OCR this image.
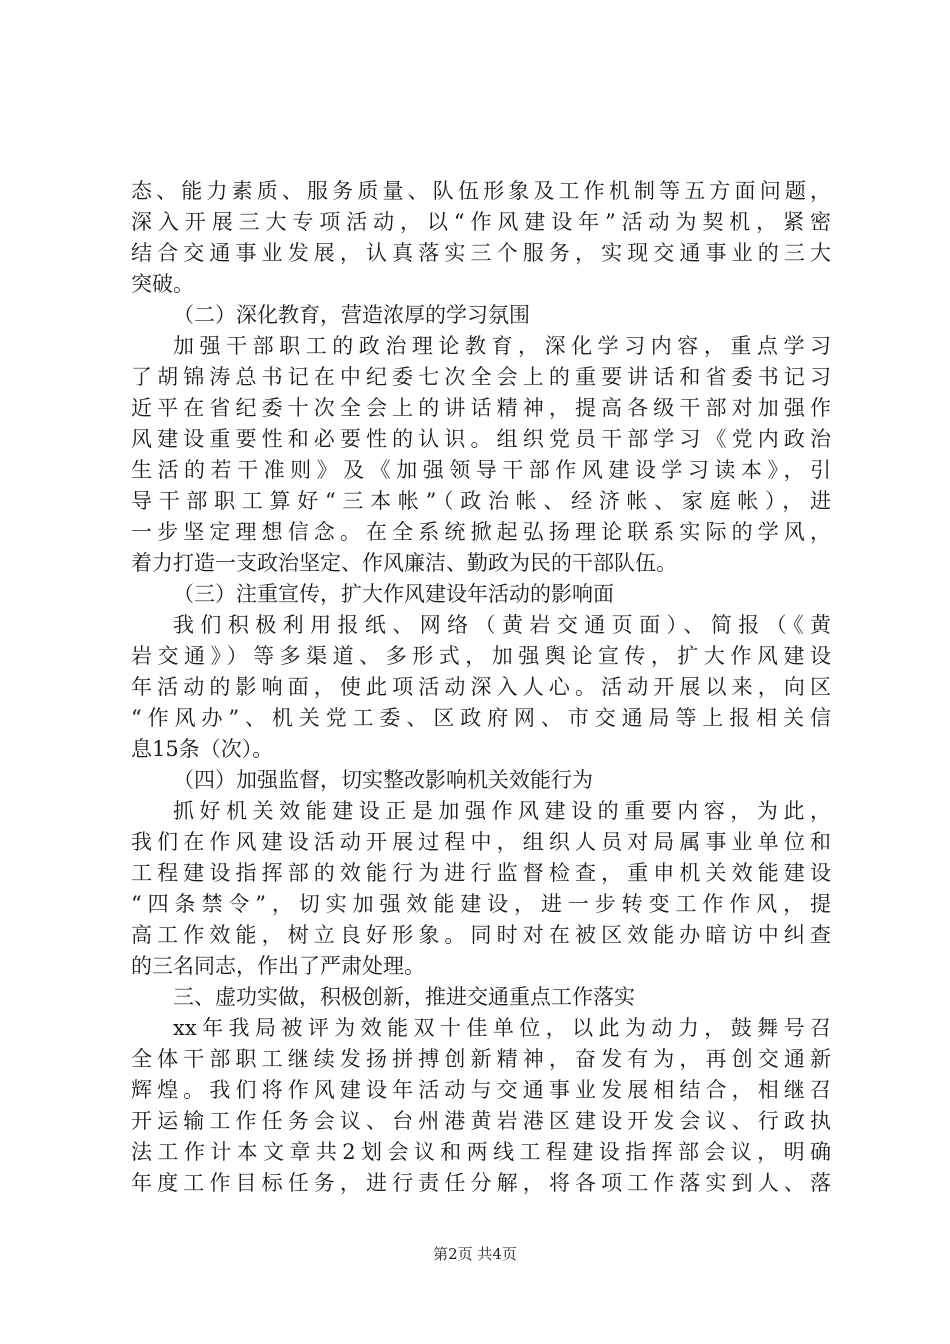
态、能力素质、服务质量、队伍形象及工作机制等五方面问题，
深入开展三大专项活动，以“作风建设年”活动为契机，紧密
结合交通事业发展，认真落实三个服务，实现交通事业的三大
突破。
（二）深化教育，营造浓厚的学习氛围
加强干部职工的政治理论教育，深化学习内容，重点学习
了胡锦涛总书记在中纪委七次全会上的重要讲话和省委书记习
近平在省纪委十次全会上的讲话精神，提高各级干部对加强作
风建设重要性和必要性的认识。组织党员干部学习《党内政治
生活的若干准则》及《加强领导干部作风建设学习读本》，引
导干部职工算好“三本帐”（政治帐、经济帐、家庭帐），进
一步坚定理想信念。在全系统掀起弘扬理论联系实际的学风，
着力打造一支政治坚定、作风廉洁、勤政为民的干部队伍。
（三）注重宣传，扩大作风建设年活动的影响面
我们积极利用报纸、网络（黄岩交通页面）、简报（《黄
岩交通》）等多渠道、多形式，加强舆论宣传，扩大作风建设
年活动的影响面，使此项活动深入人心。活动开展以来，向区
“作风办”、机关党工委、区政府网、市交通局等上报相关信
息15条（次）。
（四）加强监督，切实整改影响机关效能行为
抓好机关效能建设正是加强作风建设的重要内容，为此，
我们在作风建设活动开展过程中，组织人员对局属事业单位和
工程建设指挥部的效能行为进行监督检查，重申机关效能建设
“四条禁令”，切实加强效能建设，进一步转变工作作风，提
高工作效能，树立良好形象。同时对在被区效能办暗访中纠查
的三名同志，作出了严肃处理。
三、虚功实做，积极创新，推进交通重点工作落实
xx年我局被评为效能双十佳单位，以此为动力，鼓舞号召
全体干部职工继续发扬拼搏创新精神，奋发有为，再创交通新
辉煌。我们将作风建设年活动与交通事业发展相结合，相继召
开运输工作任务会议、台州港黄岩港区建设开发会议、行政执
法工作计本文章共2划会议和两线工程建设指挥部会议，明确
年度工作目标任务，进行责任分解，将各项工作落实到人、落
第2页 共4页
